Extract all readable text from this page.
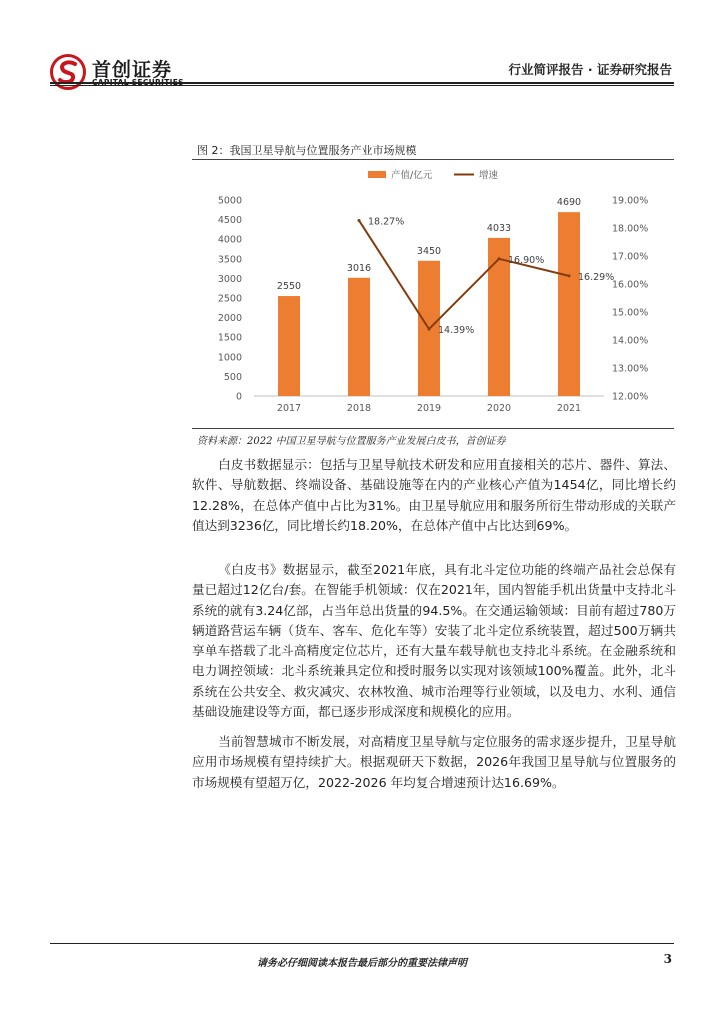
首创证券	行业简评报告 · 证券研究报告
图 2：我国卫星导航与位置服务产业市场规模
0
500
1000
1500
2000
2500
3000
3500
4000
4500
5000
12.00%
13.00%
14.00%
15.00%
16.00%
17.00%
18.00%
19.00%
2017	2018	2019	2020	2021
2550
3016
3450
4033
4690
18.27%
14.39%
16.90%
16.29%
产值/亿元	增速
资料来源：2022 中国卫星导航与位置服务产业发展白皮书，首创证券

白皮书数据显示：包括与卫星导航技术研发和应用直接相关的芯片、器件、算法、软件、导航数据、终端设备、基础设施等在内的产业核心产值为1454亿，同比增长约12.28%，在总体产值中占比为31%。由卫星导航应用和服务所衍生带动形成的关联产值达到3236亿，同比增长约18.20%，在总体产值中占比达到69%。

《白皮书》数据显示，截至2021年底，具有北斗定位功能的终端产品社会总保有量已超过12亿台/套。在智能手机领域：仅在2021年，国内智能手机出货量中支持北斗系统的就有3.24亿部，占当年总出货量的94.5%。在交通运输领域：目前有超过780万辆道路营运车辆（货车、客车、危化车等）安装了北斗定位系统装置，超过500万辆共享单车搭载了北斗高精度定位芯片，还有大量车载导航也支持北斗系统。在金融系统和电力调控领域：北斗系统兼具定位和授时服务以实现对该领域100%覆盖。此外，北斗系统在公共安全、救灾减灾、农林牧渔、城市治理等行业领域，以及电力、水利、通信基础设施建设等方面，都已逐步形成深度和规模化的应用。

当前智慧城市不断发展，对高精度卫星导航与定位服务的需求逐步提升，卫星导航应用市场规模有望持续扩大。根据观研天下数据，2026年我国卫星导航与位置服务的市场规模有望超万亿，2022-2026 年均复合增速预计达16.69%。

请务必仔细阅读本报告最后部分的重要法律声明	3
